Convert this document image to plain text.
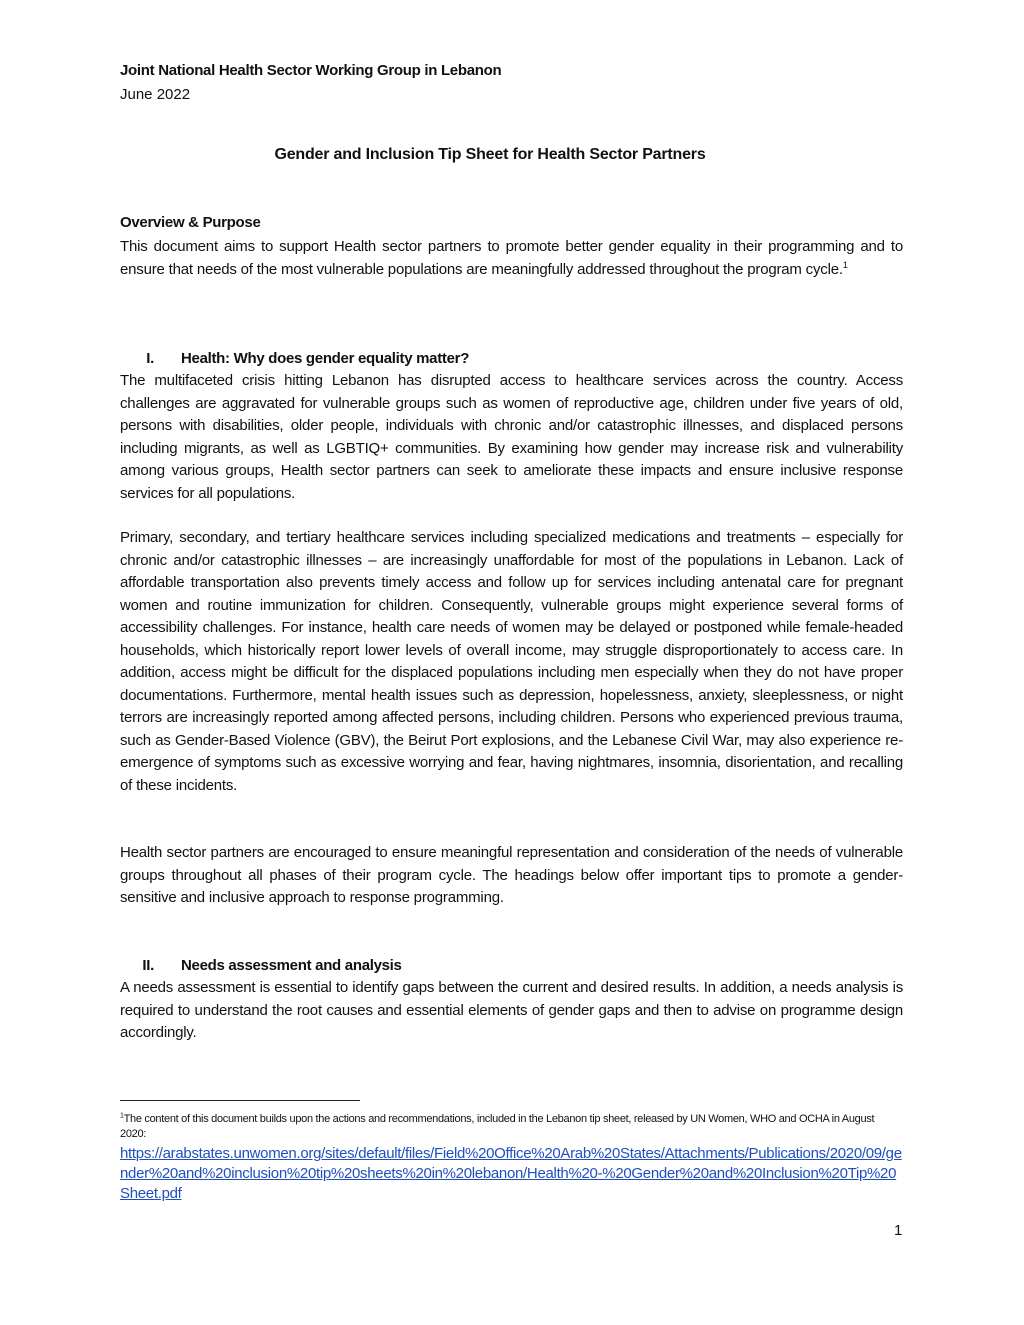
Joint National Health Sector Working Group in Lebanon
June 2022
Gender and Inclusion Tip Sheet for Health Sector Partners
Overview & Purpose
This document aims to support Health sector partners to promote better gender equality in their programming and to ensure that needs of the most vulnerable populations are meaningfully addressed throughout the program cycle.$^1$
I. Health: Why does gender equality matter?
The multifaceted crisis hitting Lebanon has disrupted access to healthcare services across the country. Access challenges are aggravated for vulnerable groups such as women of reproductive age, children under five years of old, persons with disabilities, older people, individuals with chronic and/or catastrophic illnesses, and displaced persons including migrants, as well as LGBTIQ+ communities. By examining how gender may increase risk and vulnerability among various groups, Health sector partners can seek to ameliorate these impacts and ensure inclusive response services for all populations.
Primary, secondary, and tertiary healthcare services including specialized medications and treatments – especially for chronic and/or catastrophic illnesses – are increasingly unaffordable for most of the populations in Lebanon. Lack of affordable transportation also prevents timely access and follow up for services including antenatal care for pregnant women and routine immunization for children. Consequently, vulnerable groups might experience several forms of accessibility challenges. For instance, health care needs of women may be delayed or postponed while female-headed households, which historically report lower levels of overall income, may struggle disproportionately to access care. In addition, access might be difficult for the displaced populations including men especially when they do not have proper documentations. Furthermore, mental health issues such as depression, hopelessness, anxiety, sleeplessness, or night terrors are increasingly reported among affected persons, including children. Persons who experienced previous trauma, such as Gender-Based Violence (GBV), the Beirut Port explosions, and the Lebanese Civil War, may also experience re-emergence of symptoms such as excessive worrying and fear, having nightmares, insomnia, disorientation, and recalling of these incidents.
Health sector partners are encouraged to ensure meaningful representation and consideration of the needs of vulnerable groups throughout all phases of their program cycle. The headings below offer important tips to promote a gender-sensitive and inclusive approach to response programming.
II. Needs assessment and analysis
A needs assessment is essential to identify gaps between the current and desired results. In addition, a needs analysis is required to understand the root causes and essential elements of gender gaps and then to advise on programme design accordingly.
$^1$The content of this document builds upon the actions and recommendations, included in the Lebanon tip sheet, released by UN Women, WHO and OCHA in August 2020:
https://arabstates.unwomen.org/sites/default/files/Field%20Office%20Arab%20States/Attachments/Publications/2020/09/gender%20and%20inclusion%20tip%20sheets%20in%20lebanon/Health%20-%20Gender%20and%20Inclusion%20Tip%20Sheet.pdf
1
